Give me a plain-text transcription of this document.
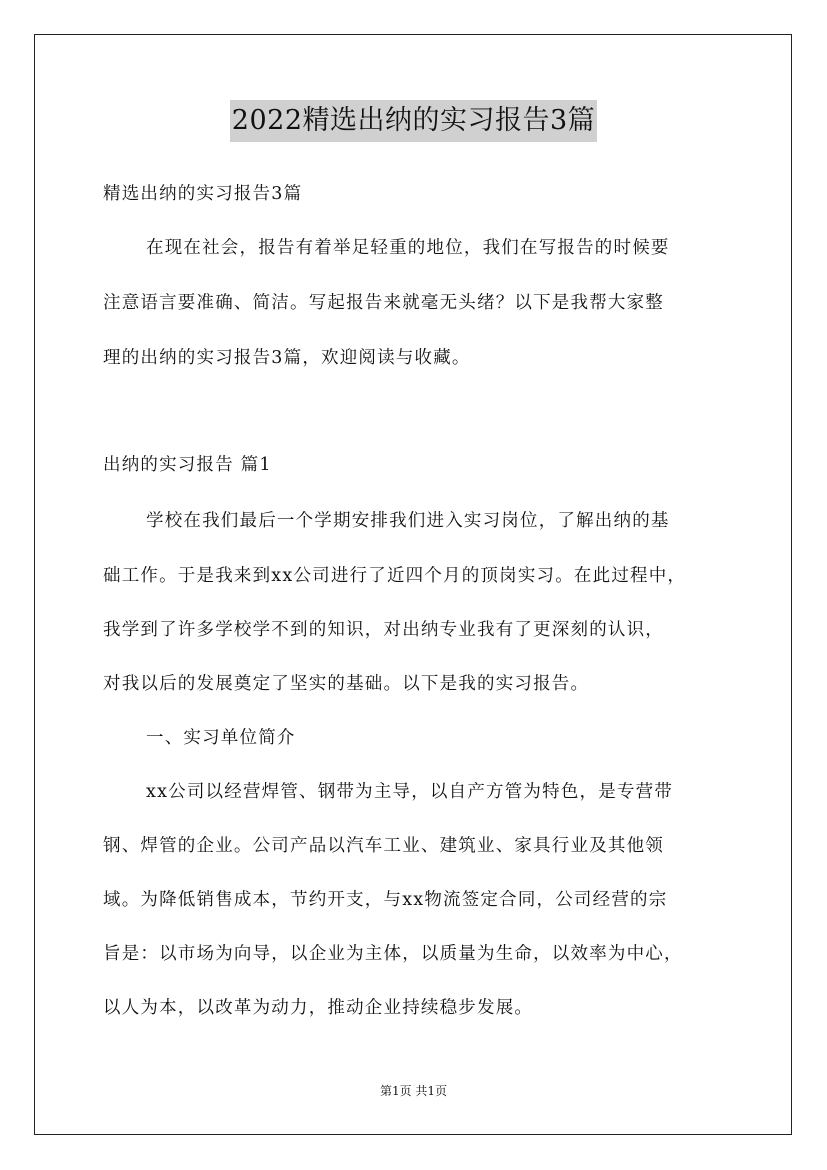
2022精选出纳的实习报告3篇
精选出纳的实习报告3篇
在现在社会，报告有着举足轻重的地位，我们在写报告的时候要
注意语言要准确、简洁。写起报告来就毫无头绪？以下是我帮大家整
理的出纳的实习报告3篇，欢迎阅读与收藏。
出纳的实习报告 篇1
学校在我们最后一个学期安排我们进入实习岗位，了解出纳的基
础工作。于是我来到xx公司进行了近四个月的顶岗实习。在此过程中，
我学到了许多学校学不到的知识，对出纳专业我有了更深刻的认识，
对我以后的发展奠定了坚实的基础。以下是我的实习报告。
一、实习单位简介
xx公司以经营焊管、钢带为主导，以自产方管为特色，是专营带
钢、焊管的企业。公司产品以汽车工业、建筑业、家具行业及其他领
域。为降低销售成本，节约开支，与xx物流签定合同，公司经营的宗
旨是：以市场为向导，以企业为主体，以质量为生命，以效率为中心，
以人为本，以改革为动力，推动企业持续稳步发展。
第1页 共1页
